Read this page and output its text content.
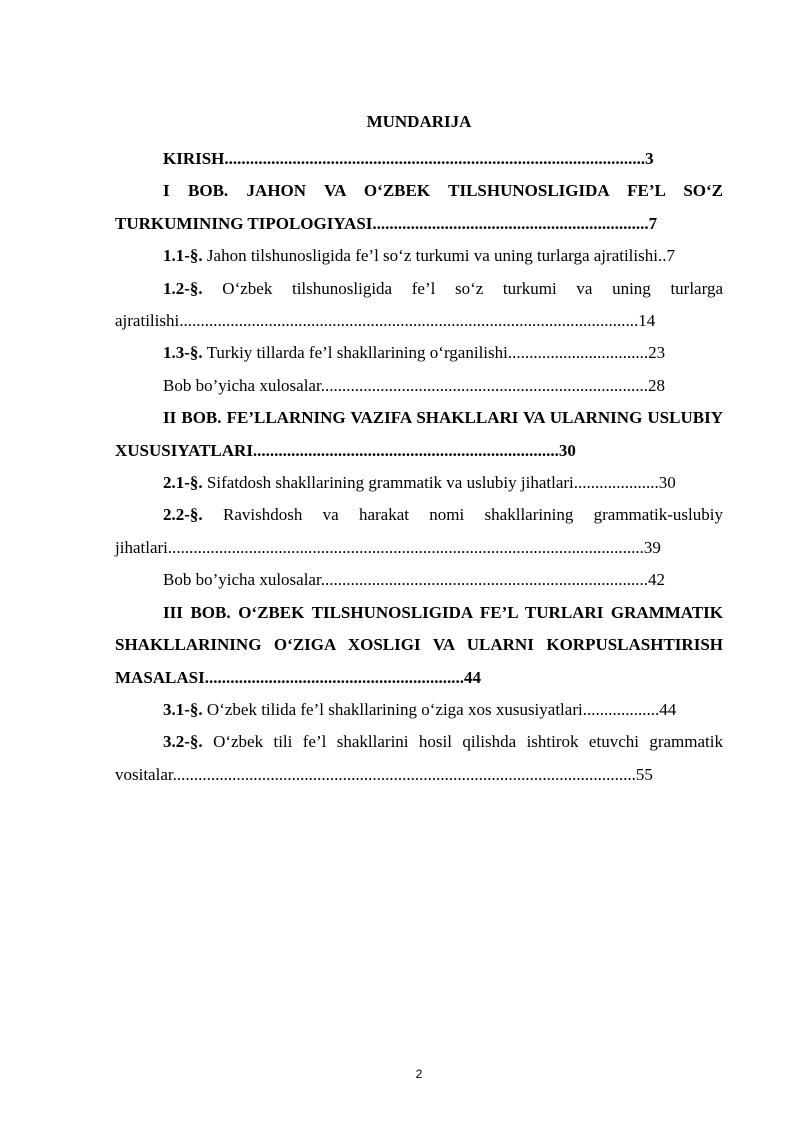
MUNDARIJA

KIRISH...................................................................................................3

I BOB. JAHON VA O‘ZBEK TILSHUNOSLIGIDA FE’L SO‘Z TURKUMINING TIPOLOGIYASI.................................................................7

1.1-§. Jahon tilshunosligida fe’l so‘z turkumi va uning turlarga ajratilishi..7

1.2-§. O‘zbek tilshunosligida fe’l so‘z turkumi va uning turlarga ajratilishi............................................................................................................14

1.3-§. Turkiy tillarda fe’l shakllarining o‘rganilishi.................................23

Bob bo’yicha xulosalar.............................................................................28

II BOB. FE’LLARNING VAZIFA SHAKLLARI VA ULARNING USLUBIY XUSUSIYATLARI........................................................................30

2.1-§. Sifatdosh shakllarining grammatik va uslubiy jihatlari....................30

2.2-§. Ravishdosh va harakat nomi shakllarining grammatik-uslubiy jihatlari................................................................................................................39

Bob bo’yicha xulosalar.............................................................................42

III BOB. O‘ZBEK TILSHUNOSLIGIDA FE’L TURLARI GRAMMATIK SHAKLLARINING O‘ZIGA XOSLIGI VA ULARNI KORPUSLASHTIRISH MASALASI.............................................................44

3.1-§. O‘zbek tilida fe’l shakllarining o‘ziga xos xususiyatlari..................44

3.2-§. O‘zbek tili fe’l shakllarini hosil qilishda ishtirok etuvchi grammatik vositalar.............................................................................................................55

2
